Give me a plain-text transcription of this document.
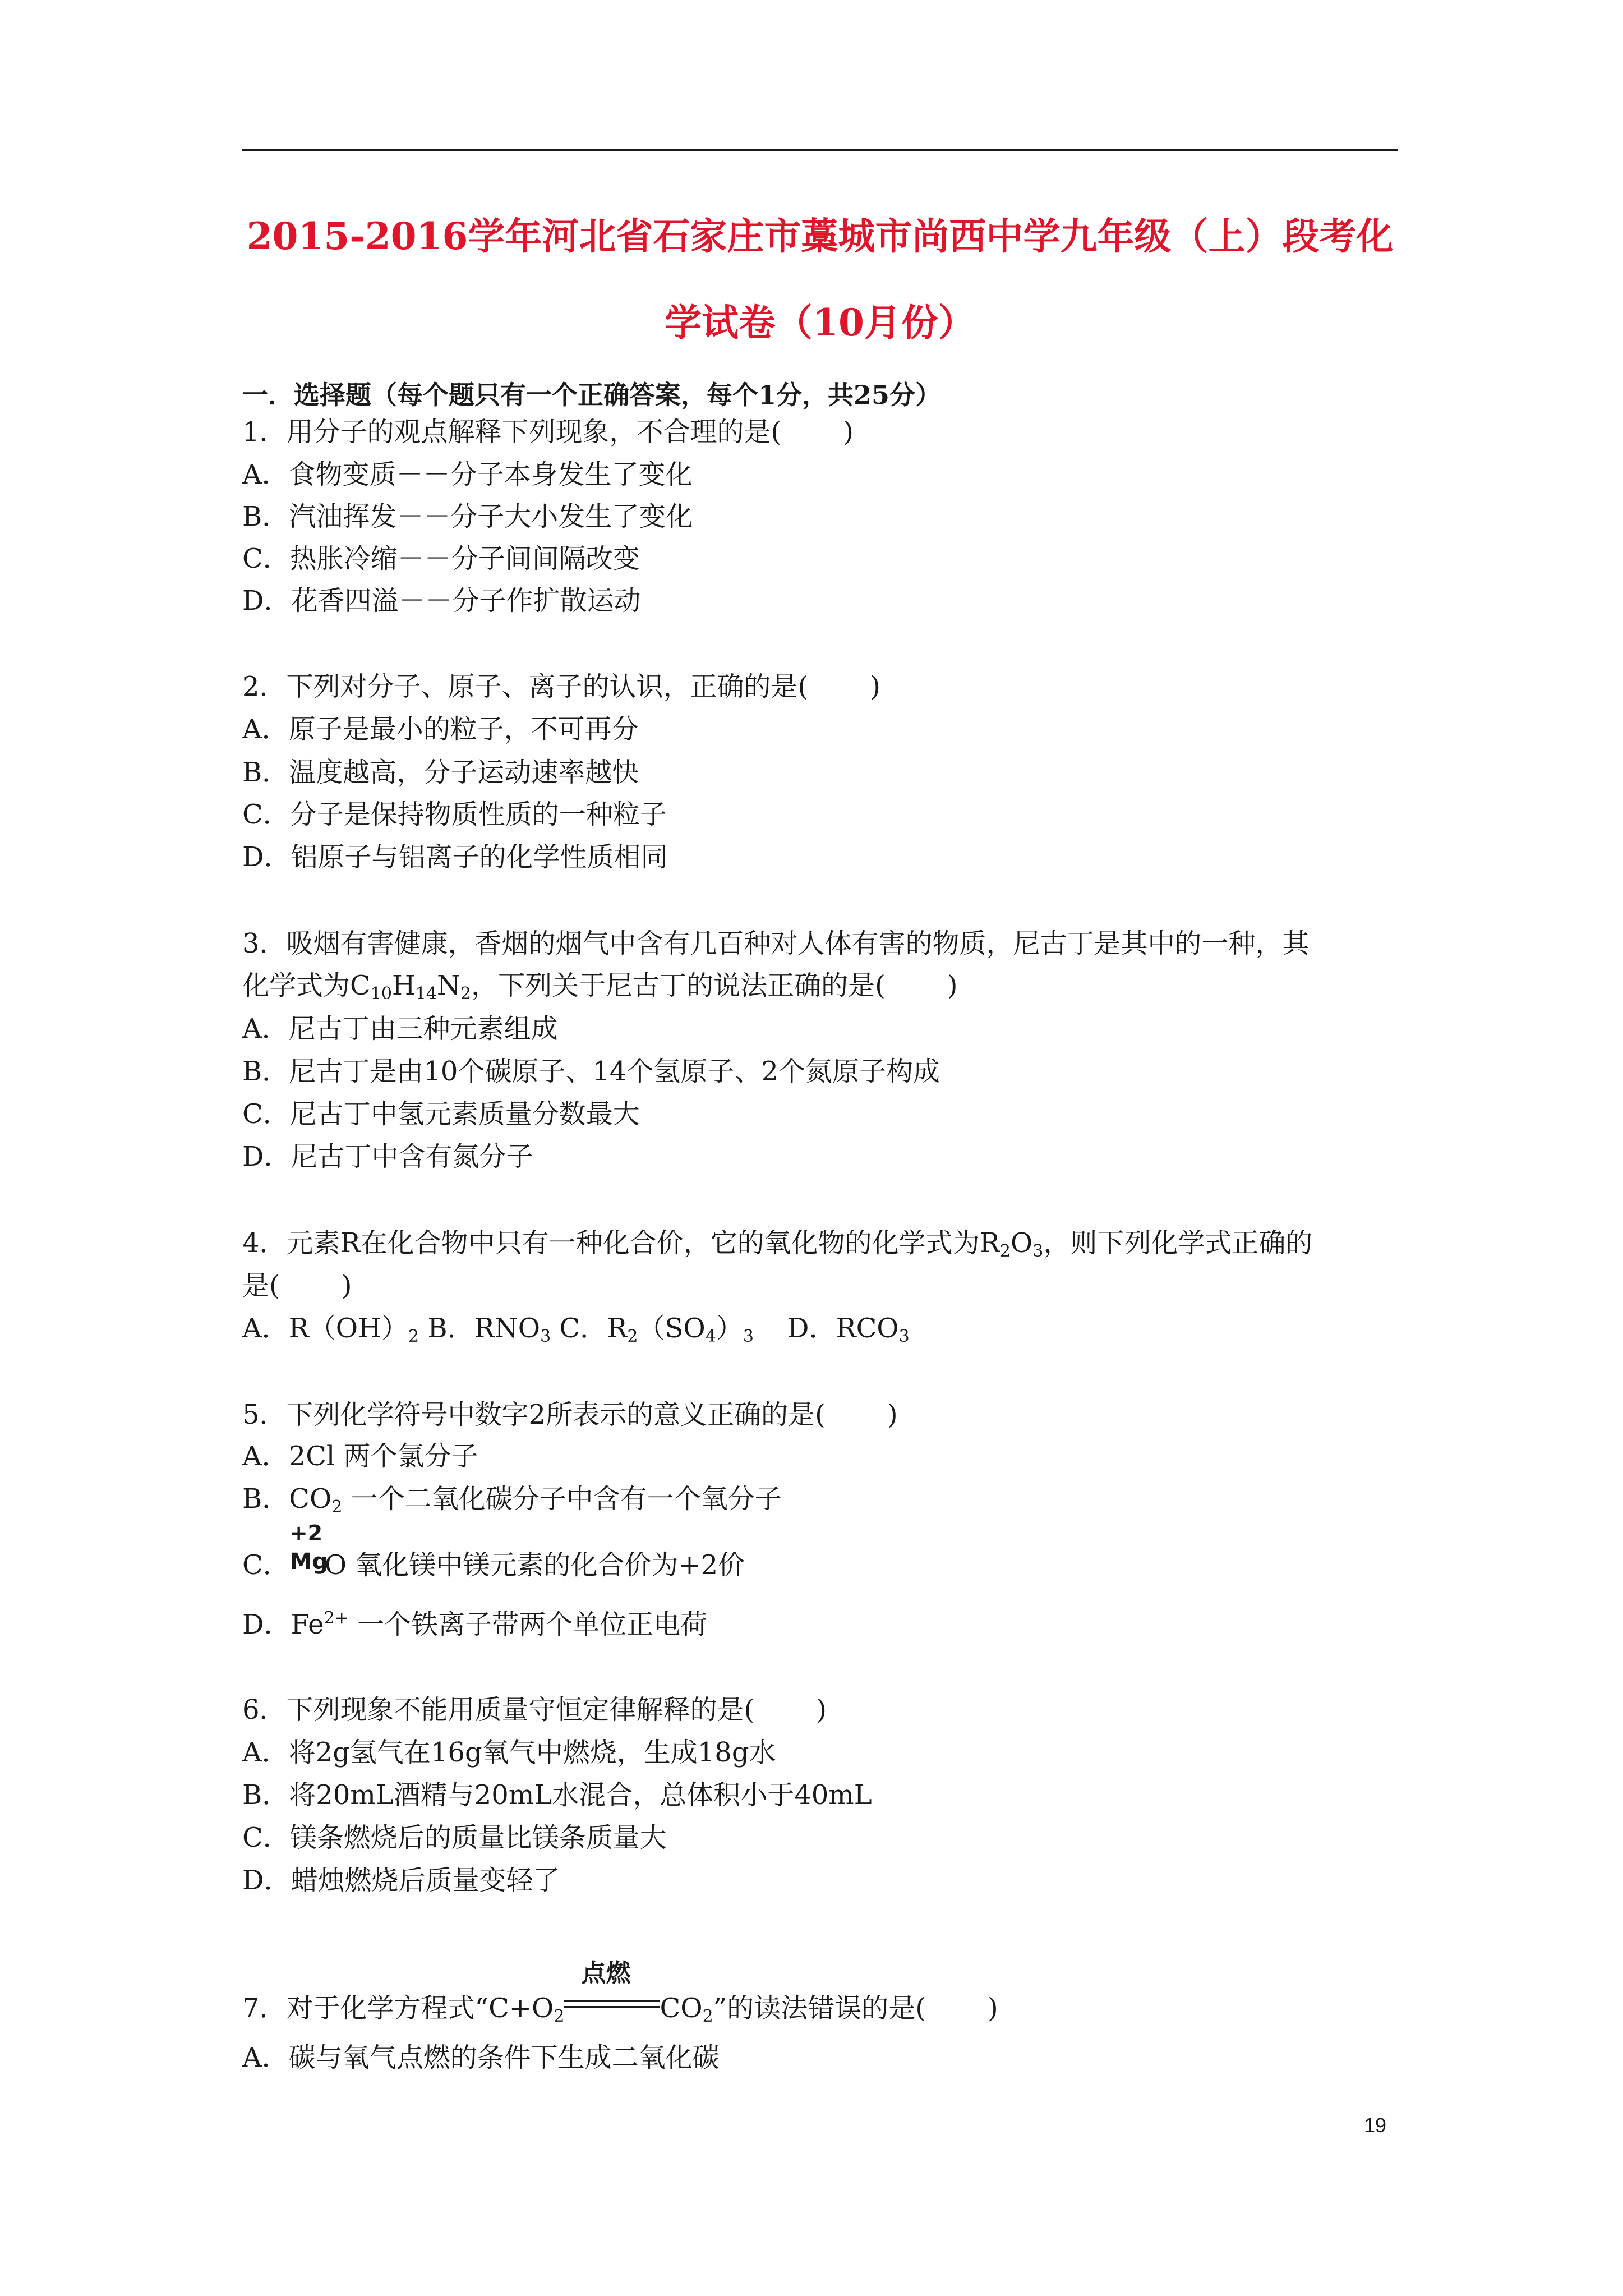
2015-2016学年河北省石家庄市藁城市尚西中学九年级（上）段考化
学试卷（10月份）
一．选择题（每个题只有一个正确答案，每个1分，共25分）
1．用分子的观点解释下列现象，不合理的是( )
A．食物变质－－分子本身发生了变化
B．汽油挥发－－分子大小发生了变化
C．热胀冷缩－－分子间间隔改变
D．花香四溢－－分子作扩散运动
2．下列对分子、原子、离子的认识，正确的是( )
A．原子是最小的粒子，不可再分
B．温度越高，分子运动速率越快
C．分子是保持物质性质的一种粒子
D．铝原子与铝离子的化学性质相同
3．吸烟有害健康，香烟的烟气中含有几百种对人体有害的物质，尼古丁是其中的一种，其
化学式为$C_{10}H_{14}N_2$，下列关于尼古丁的说法正确的是( )
A．尼古丁由三种元素组成
B．尼古丁是由10个碳原子、14个氢原子、2个氮原子构成
C．尼古丁中氢元素质量分数最大
D．尼古丁中含有氮分子
4．元素R在化合物中只有一种化合价，它的氧化物的化学式为$R_2O_3$，则下列化学式正确的
是( )
A．$R(OH)_2$ B．$RNO_3$ C．$R_2(SO_4)_3$ D．$RCO_3$
5．下列化学符号中数字2所表示的意义正确的是( )
A．2Cl 两个氯分子
B．$CO_2$ 一个二氧化碳分子中含有一个氧分子
C．
+2
Mg
O 氧化镁中镁元素的化合价为+2价
D．$Fe^{2+}$ 一个铁离子带两个单位正电荷
6．下列现象不能用质量守恒定律解释的是( )
A．将2g氢气在16g氧气中燃烧，生成18g水
B．将20mL酒精与20mL水混合，总体积小于40mL
C．镁条燃烧后的质量比镁条质量大
D．蜡烛燃烧后质量变轻了
7．对于化学方程式“$C+O_2$
点燃
$CO_2$”的读法错误的是( )
A．碳与氧气点燃的条件下生成二氧化碳
19
